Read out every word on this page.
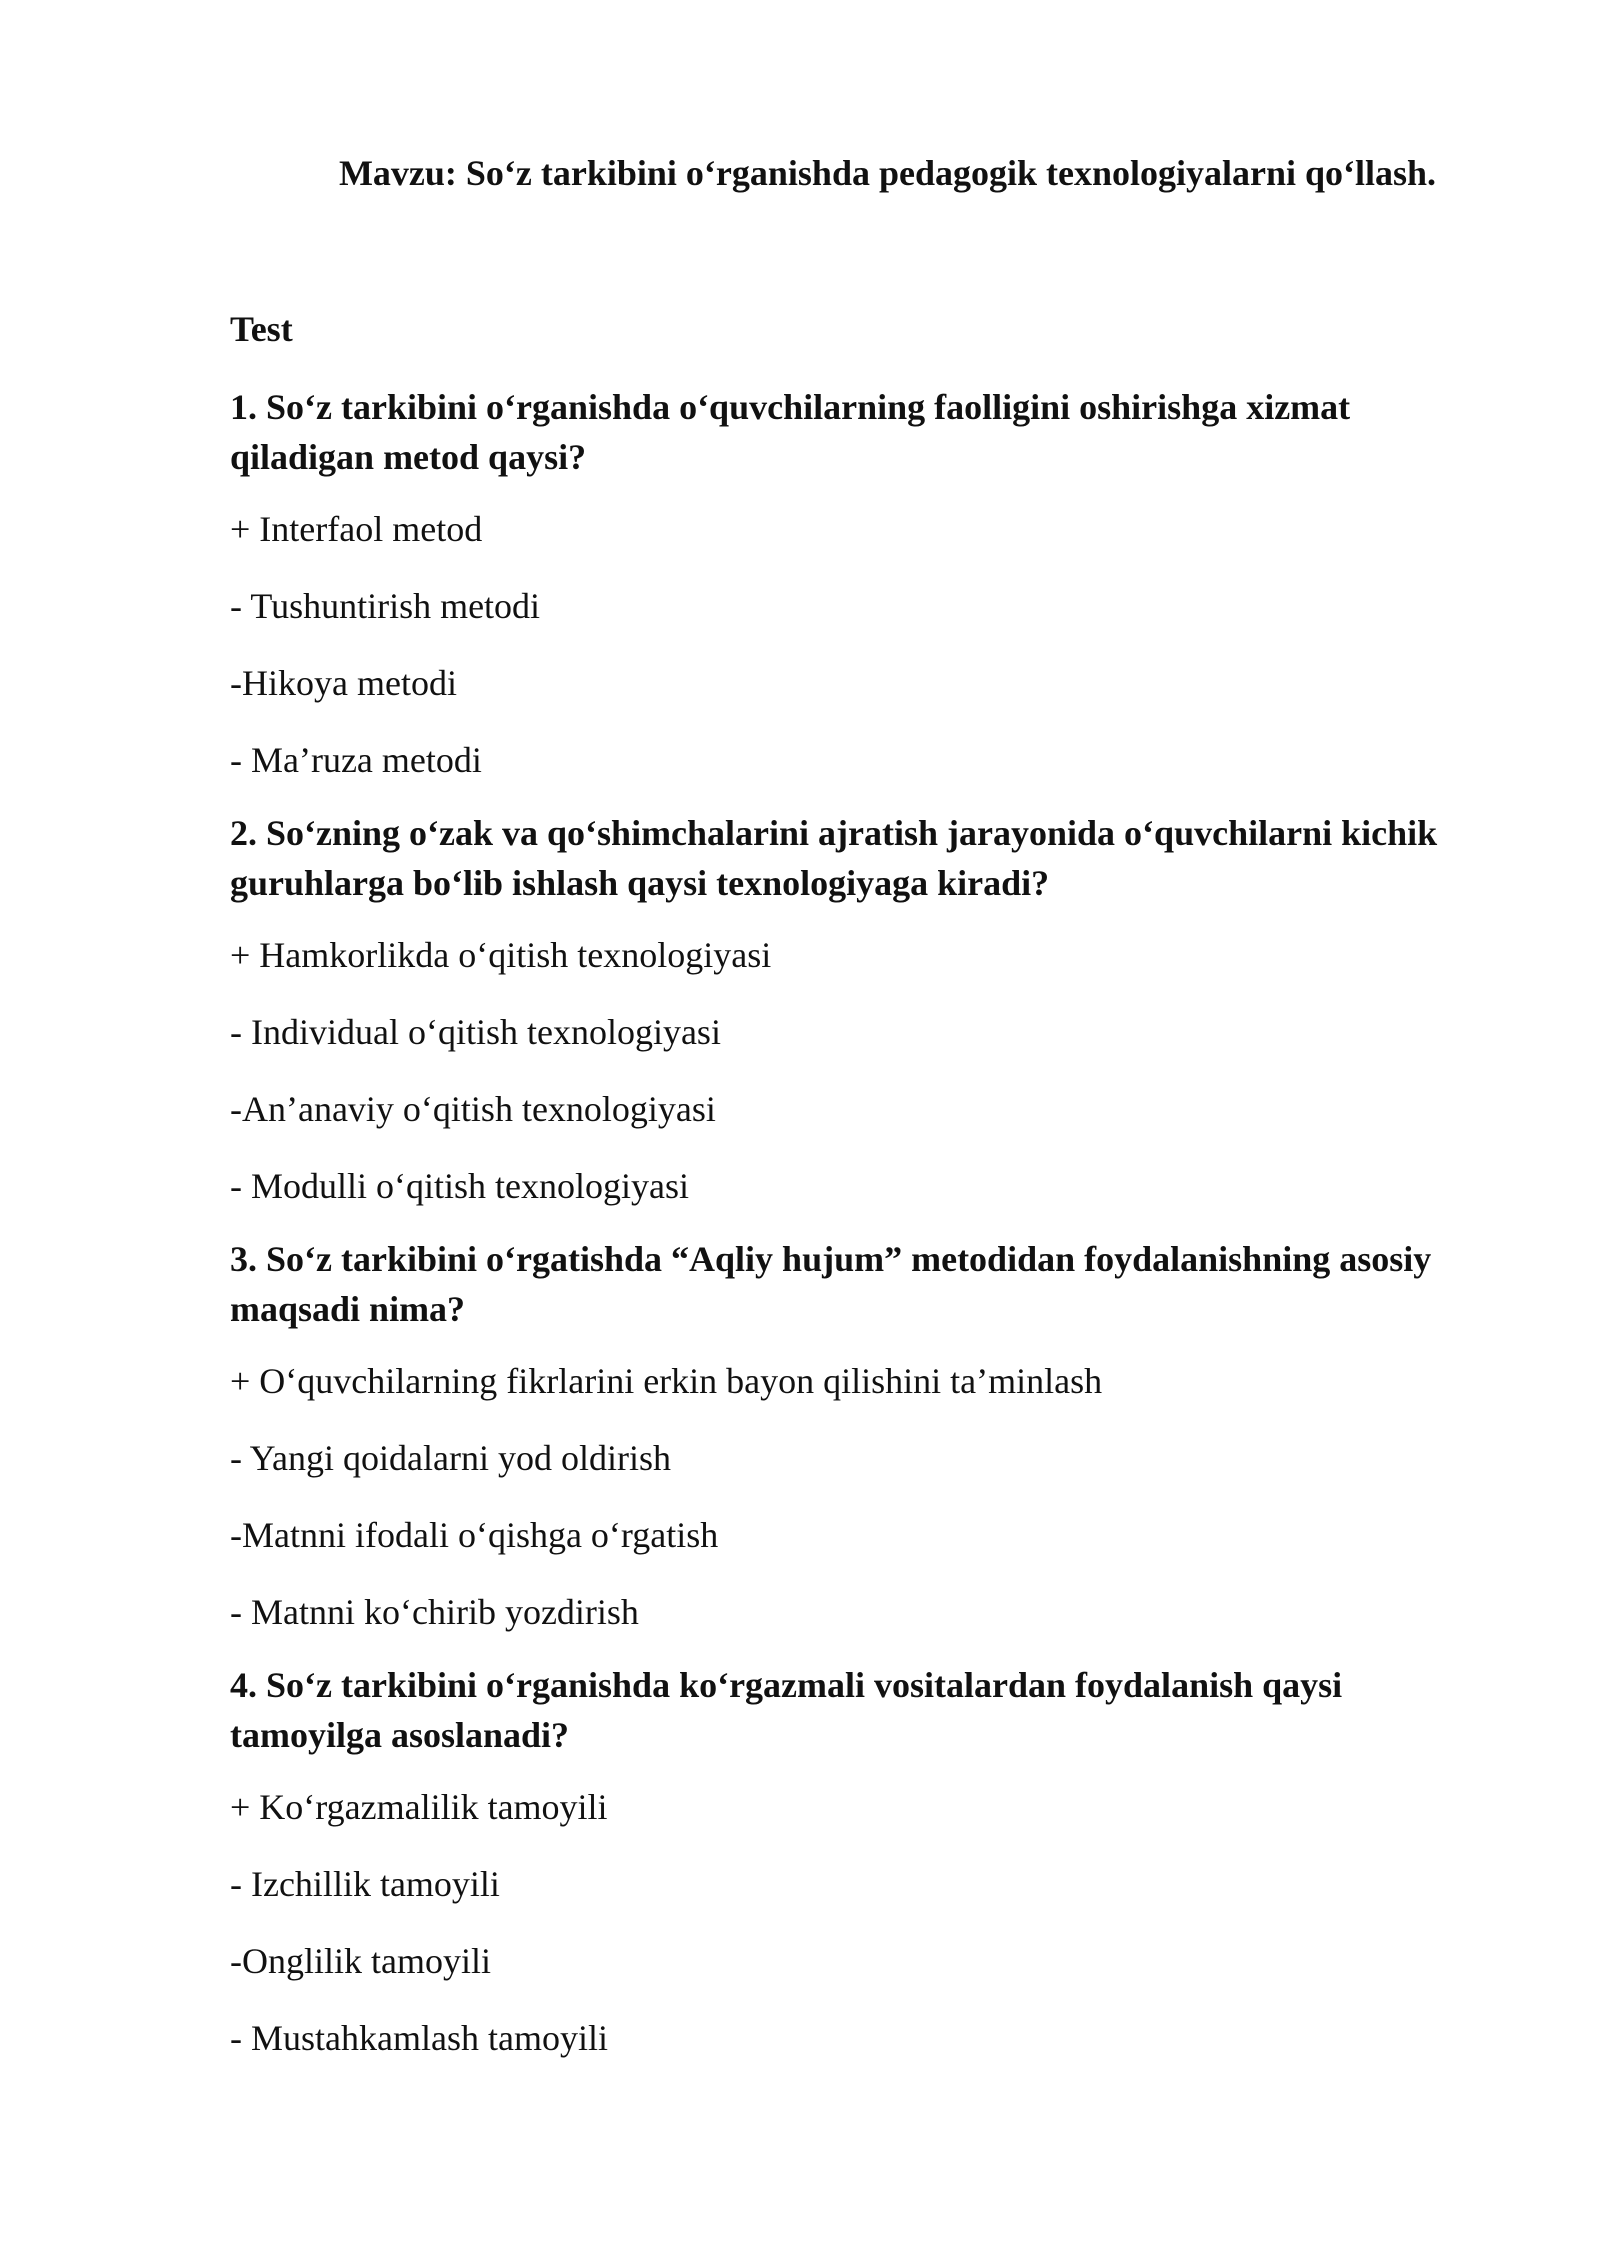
Mavzu: So‘z tarkibini o‘rganishda pedagogik texnologiyalarni qo‘llash.
Test
1. So‘z tarkibini o‘rganishda o‘quvchilarning faolligini oshirishga xizmat qiladigan metod qaysi?
+ Interfaol metod
- Tushuntirish metodi
-Hikoya metodi
- Ma’ruza metodi
2. So‘zning o‘zak va qo‘shimchalarini ajratish jarayonida o‘quvchilarni kichik guruhlarga bo‘lib ishlash qaysi texnologiyaga kiradi?
+ Hamkorlikda o‘qitish texnologiyasi
- Individual o‘qitish texnologiyasi
-An’anaviy o‘qitish texnologiyasi
- Modulli o‘qitish texnologiyasi
3. So‘z tarkibini o‘rgatishda “Aqliy hujum” metodidan foydalanishning asosiy maqsadi nima?
+ O‘quvchilarning fikrlarini erkin bayon qilishini ta’minlash
- Yangi qoidalarni yod oldirish
-Matnni ifodali o‘qishga o‘rgatish
- Matnni ko‘chirib yozdirish
4. So‘z tarkibini o‘rganishda ko‘rgazmali vositalardan foydalanish qaysi tamoyilga asoslanadi?
+ Ko‘rgazmalilik tamoyili
- Izchillik tamoyili
-Onglilik tamoyili
- Mustahkamlash tamoyili
